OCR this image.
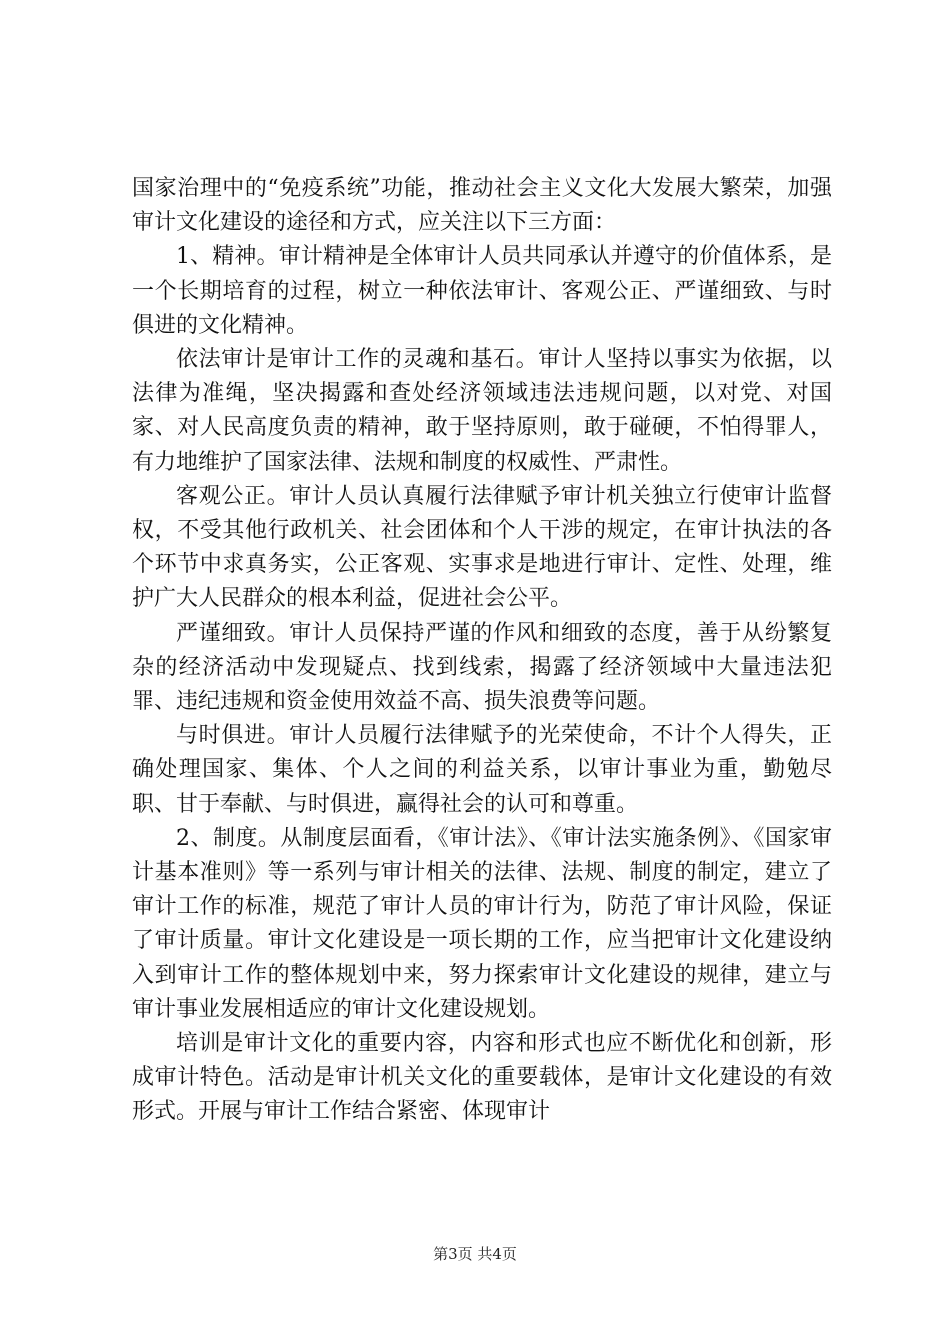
国家治理中的“免疫系统”功能，推动社会主义文化大发展大繁荣，加强审计文化建设的途径和方式，应关注以下三方面：

1、精神。审计精神是全体审计人员共同承认并遵守的价值体系，是一个长期培育的过程，树立一种依法审计、客观公正、严谨细致、与时俱进的文化精神。

依法审计是审计工作的灵魂和基石。审计人坚持以事实为依据，以法律为准绳，坚决揭露和查处经济领域违法违规问题，以对党、对国家、对人民高度负责的精神，敢于坚持原则，敢于碰硬，不怕得罪人，有力地维护了国家法律、法规和制度的权威性、严肃性。

客观公正。审计人员认真履行法律赋予审计机关独立行使审计监督权，不受其他行政机关、社会团体和个人干涉的规定，在审计执法的各个环节中求真务实，公正客观、实事求是地进行审计、定性、处理，维护广大人民群众的根本利益，促进社会公平。

严谨细致。审计人员保持严谨的作风和细致的态度，善于从纷繁复杂的经济活动中发现疑点、找到线索，揭露了经济领域中大量违法犯罪、违纪违规和资金使用效益不高、损失浪费等问题。

与时俱进。审计人员履行法律赋予的光荣使命，不计个人得失，正确处理国家、集体、个人之间的利益关系，以审计事业为重，勤勉尽职、甘于奉献、与时俱进，赢得社会的认可和尊重。

2、制度。从制度层面看，《审计法》、《审计法实施条例》、《国家审计基本准则》等一系列与审计相关的法律、法规、制度的制定，建立了审计工作的标准，规范了审计人员的审计行为，防范了审计风险，保证了审计质量。审计文化建设是一项长期的工作，应当把审计文化建设纳入到审计工作的整体规划中来，努力探索审计文化建设的规律，建立与审计事业发展相适应的审计文化建设规划。

培训是审计文化的重要内容，内容和形式也应不断优化和创新，形成审计特色。活动是审计机关文化的重要载体，是审计文化建设的有效形式。开展与审计工作结合紧密、体现审计

第3页 共4页
